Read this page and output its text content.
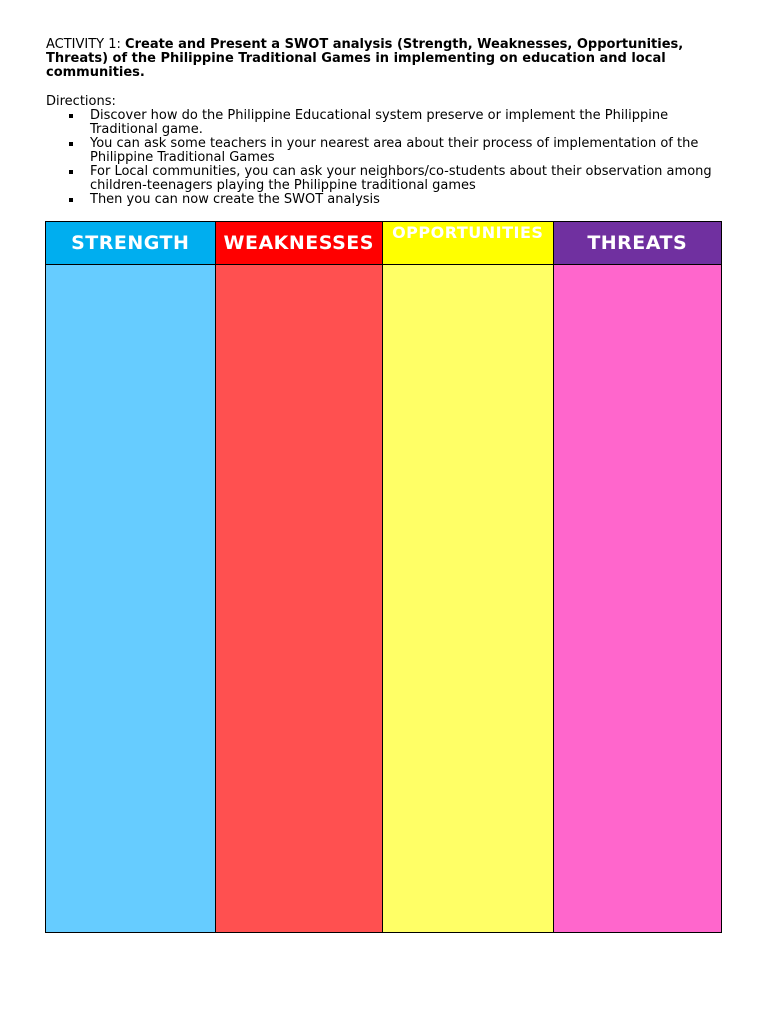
ACTIVITY 1: Create and Present a SWOT analysis (Strength, Weaknesses, Opportunities, Threats) of the Philippine Traditional Games in implementing on education and local communities.
Directions:
Discover how do the Philippine Educational system preserve or implement the Philippine Traditional game.
You can ask some teachers in your nearest area about their process of implementation of the Philippine Traditional Games
For Local communities, you can ask your neighbors/co-students about their observation among children-teenagers playing the Philippine traditional games
Then you can now create the SWOT analysis
STRENGTH	WEAKNESSES	OPPORTUNITIES	THREATS
